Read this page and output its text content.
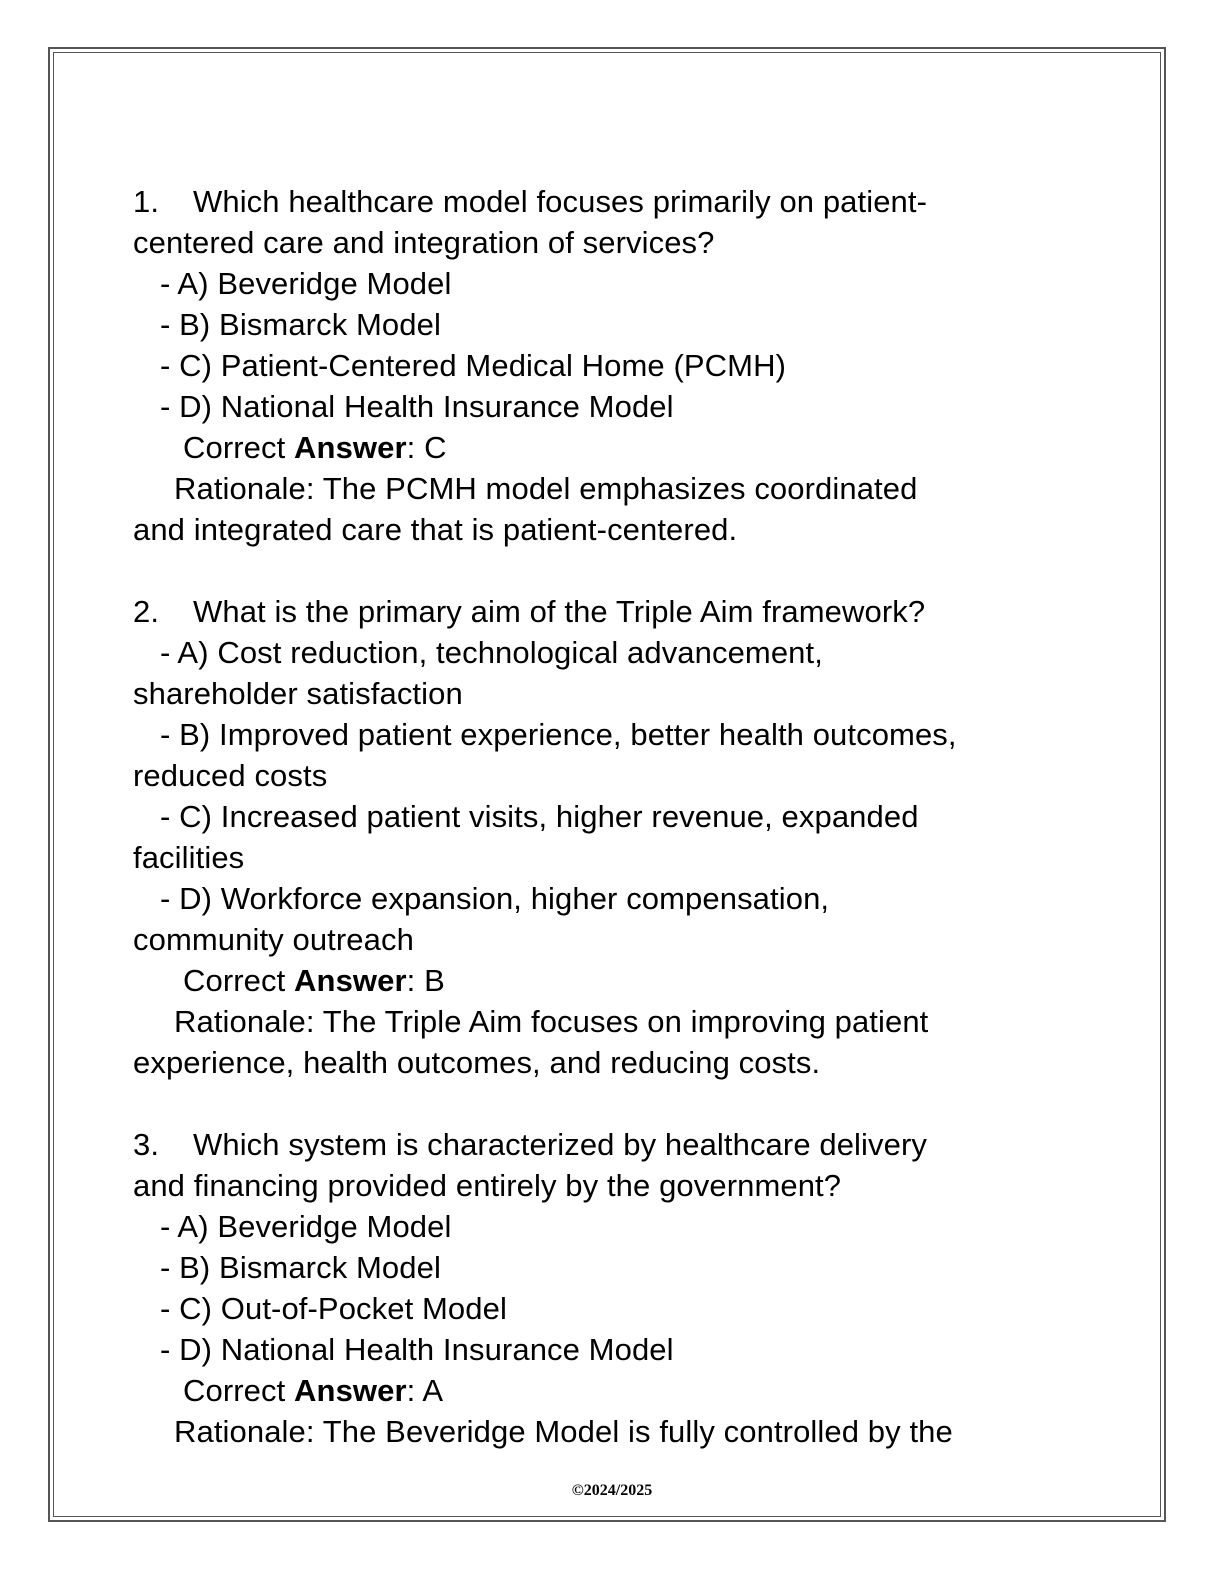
1. Which healthcare model focuses primarily on patient-
centered care and integration of services?
- A) Beveridge Model
- B) Bismarck Model
- C) Patient-Centered Medical Home (PCMH)
- D) National Health Insurance Model
Correct Answer: C
Rationale: The PCMH model emphasizes coordinated
and integrated care that is patient-centered.
2. What is the primary aim of the Triple Aim framework?
- A) Cost reduction, technological advancement,
shareholder satisfaction
- B) Improved patient experience, better health outcomes,
reduced costs
- C) Increased patient visits, higher revenue, expanded
facilities
- D) Workforce expansion, higher compensation,
community outreach
Correct Answer: B
Rationale: The Triple Aim focuses on improving patient
experience, health outcomes, and reducing costs.
3. Which system is characterized by healthcare delivery
and financing provided entirely by the government?
- A) Beveridge Model
- B) Bismarck Model
- C) Out-of-Pocket Model
- D) National Health Insurance Model
Correct Answer: A
Rationale: The Beveridge Model is fully controlled by the
©2024/2025
